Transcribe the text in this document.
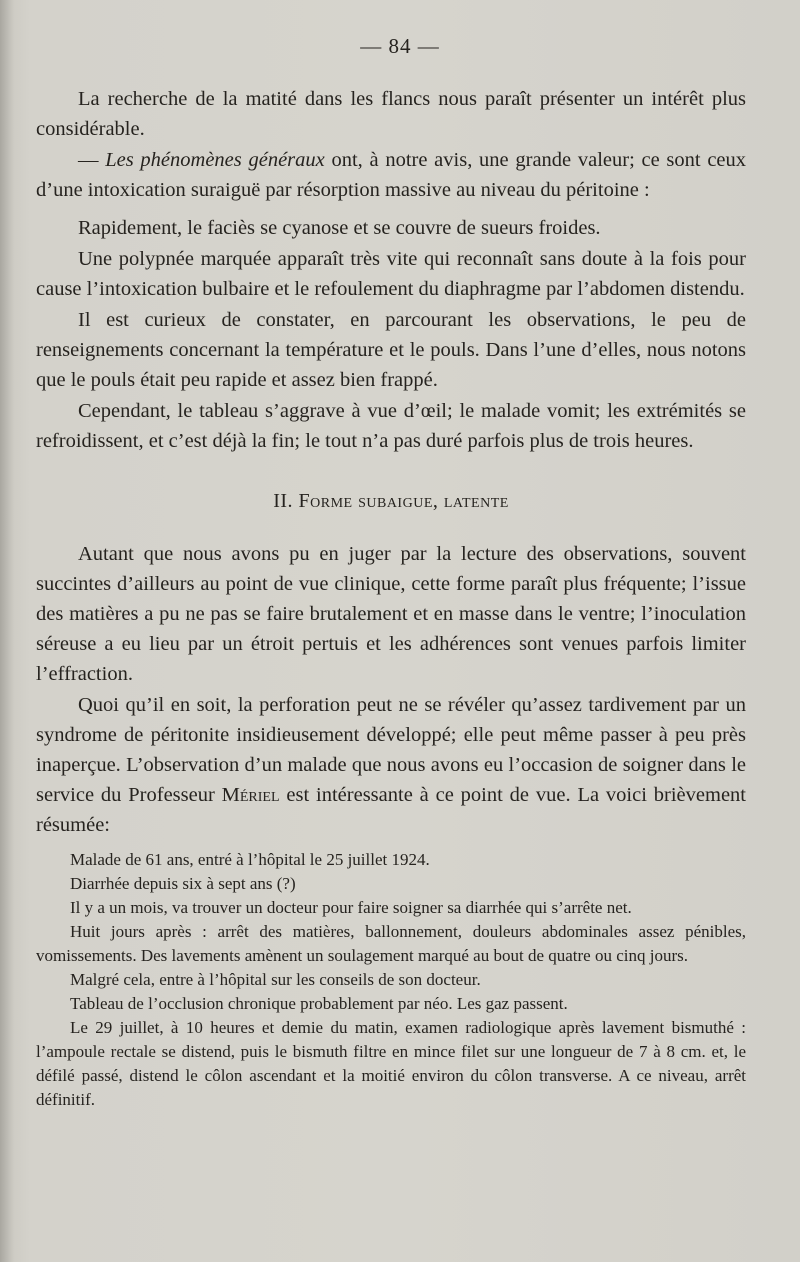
— 84 —
La recherche de la matité dans les flancs nous paraît présenter un intérêt plus considérable.
— Les phénomènes généraux ont, à notre avis, une grande valeur; ce sont ceux d’une intoxication suraiguë par résorption massive au niveau du péritoine :
Rapidement, le faciès se cyanose et se couvre de sueurs froides.
Une polypnée marquée apparaît très vite qui reconnaît sans doute à la fois pour cause l’intoxication bulbaire et le refoulement du diaphragme par l’abdomen distendu.
Il est curieux de constater, en parcourant les observations, le peu de renseignements concernant la température et le pouls. Dans l’une d’elles, nous notons que le pouls était peu rapide et assez bien frappé.
Cependant, le tableau s’aggrave à vue d’œil; le malade vomit; les extrémités se refroidissent, et c’est déjà la fin; le tout n’a pas duré parfois plus de trois heures.
II. Forme subaigue, latente
Autant que nous avons pu en juger par la lecture des observations, souvent succintes d’ailleurs au point de vue clinique, cette forme paraît plus fréquente; l’issue des matières a pu ne pas se faire brutalement et en masse dans le ventre; l’inoculation séreuse a eu lieu par un étroit pertuis et les adhérences sont venues parfois limiter l’effraction.
Quoi qu’il en soit, la perforation peut ne se révéler qu’assez tardivement par un syndrome de péritonite insidieusement développé; elle peut même passer à peu près inaperçue. L’observation d’un malade que nous avons eu l’occasion de soigner dans le service du Professeur Mériel est intéressante à ce point de vue. La voici brièvement résumée:
Malade de 61 ans, entré à l’hôpital le 25 juillet 1924.
Diarrhée depuis six à sept ans (?)
Il y a un mois, va trouver un docteur pour faire soigner sa diarrhée qui s’arrête net.
Huit jours après : arrêt des matières, ballonnement, douleurs abdominales assez pénibles, vomissements. Des lavements amènent un soulagement marqué au bout de quatre ou cinq jours.
Malgré cela, entre à l’hôpital sur les conseils de son docteur.
Tableau de l’occlusion chronique probablement par néo. Les gaz passent.
Le 29 juillet, à 10 heures et demie du matin, examen radiologique après lavement bismuthé : l’ampoule rectale se distend, puis le bismuth filtre en mince filet sur une longueur de 7 à 8 cm. et, le défilé passé, distend le côlon ascendant et la moitié environ du côlon transverse. A ce niveau, arrêt définitif.
